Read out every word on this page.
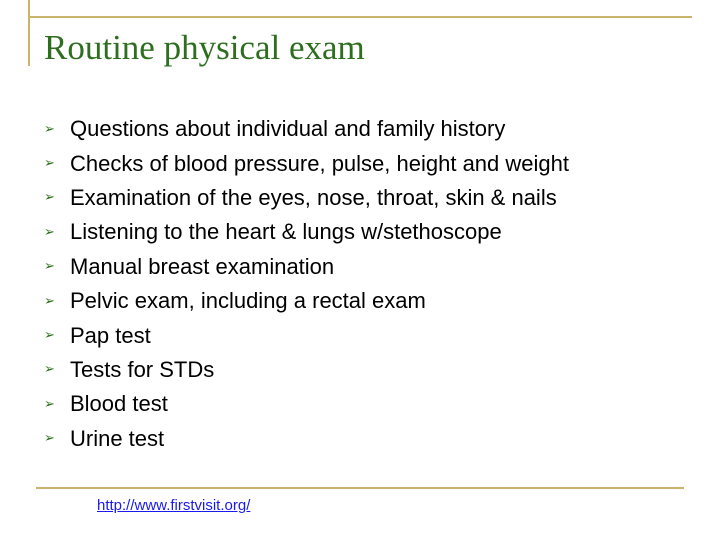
Routine physical exam
➢ Questions about individual and family history
➢ Checks of blood pressure, pulse, height and weight
➢ Examination of the eyes, nose, throat, skin & nails
➢ Listening to the heart & lungs w/stethoscope
➢ Manual breast examination
➢ Pelvic exam, including a rectal exam
➢ Pap test
➢ Tests for STDs
➢ Blood test
➢ Urine test
http://www.firstvisit.org/
